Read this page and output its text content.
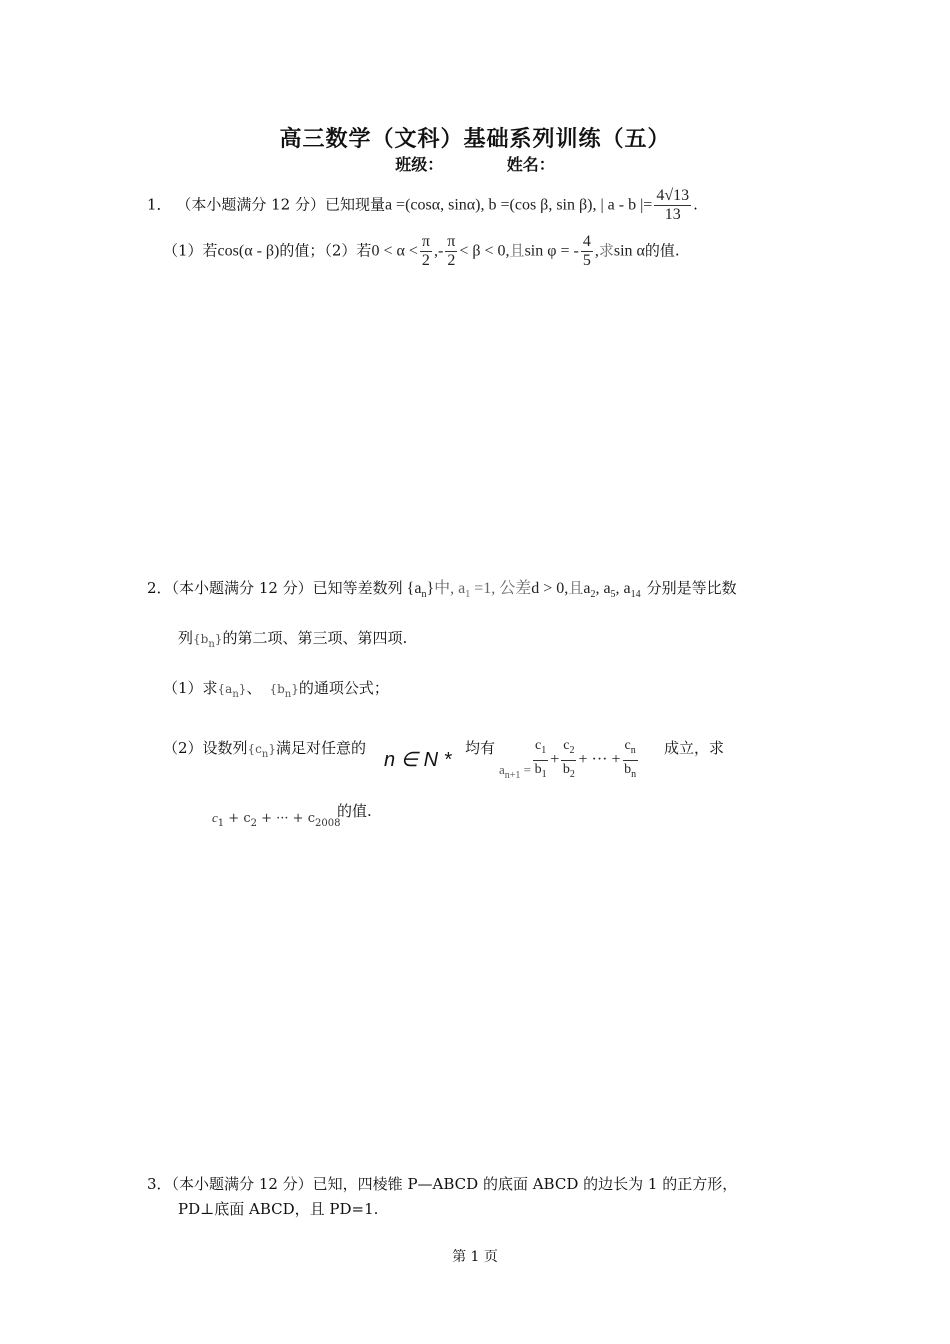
高三数学（文科）基础系列训练（五）
班级：	姓名：
1． （本小题满分 12 分）已知现量a =(cosα, sinα), b =(cos β, sin β), | a - b |= $\frac{4√13}{13}$ .
（1）若cos(α - β)的值；（2）若$0 < \alpha < \frac{\pi}{2}$ ,- $\frac{\pi}{2} < \beta < 0$,且sin φ = - $\frac{4}{5}$ ,求sin α的值.
2．（本小题满分 12 分）已知等差数列 $\{a_n\}$中, $a_1 =1$, 公差d > 0,且$a_2$, $a_5$, $a_{14}$ 分别是等比数
列$\{b_n\}$的第二项、第三项、第四项.
（1）求$\{a_n\}$、 $\{b_n\}$的通项公式；
（2）设数列$\{c_n\}$满足对任意的
n ∈ N *
均有
$_{a_{n+1} =} \frac{c_1}{b_1} + \frac{c_2}{b_2}$ + ··· + $\frac{c_n}{b_n}$ 成立，求
$c_1 + c_2$ + ··· + $c_{2008}$
的值.
3．（本小题满分 12 分）已知，四棱锥 P—ABCD 的底面 ABCD 的边长为 1 的正方形，
PD⊥底面 ABCD，且 PD=1.
第 1 页
